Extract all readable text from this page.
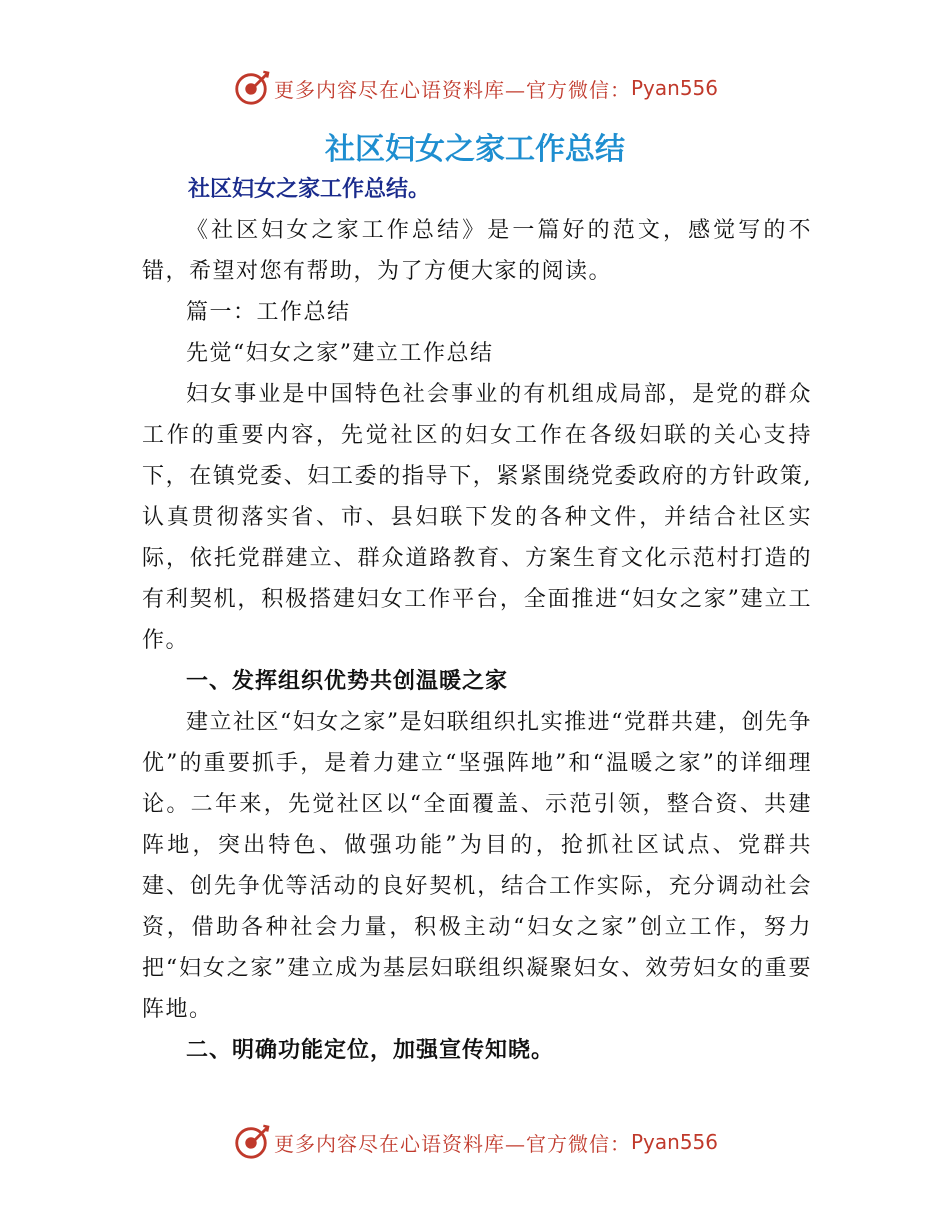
更多内容尽在心语资料库—官方微信： Pyan556
社区妇女之家工作总结
社区妇女之家工作总结。

《社区妇女之家工作总结》是一篇好的范文，感觉写的不错，希望对您有帮助，为了方便大家的阅读。

篇一：工作总结

先觉“妇女之家”建立工作总结

妇女事业是中国特色社会事业的有机组成局部，是党的群众工作的重要内容，先觉社区的妇女工作在各级妇联的关心支持下，在镇党委、妇工委的指导下，紧紧围绕党委政府的方针政策,认真贯彻落实省、市、县妇联下发的各种文件，并结合社区实际，依托党群建立、群众道路教育、方案生育文化示范村打造的有利契机，积极搭建妇女工作平台，全面推进“妇女之家”建立工作。

一、发挥组织优势共创温暖之家

建立社区“妇女之家”是妇联组织扎实推进“党群共建，创先争优”的重要抓手，是着力建立“坚强阵地”和“温暖之家”的详细理论。二年来，先觉社区以“全面覆盖、示范引领，整合资、共建阵地，突出特色、做强功能”为目的，抢抓社区试点、党群共建、创先争优等活动的良好契机，结合工作实际，充分调动社会资，借助各种社会力量，积极主动“妇女之家”创立工作，努力把“妇女之家”建立成为基层妇联组织凝聚妇女、效劳妇女的重要阵地。

二、明确功能定位，加强宣传知晓。

更多内容尽在心语资料库—官方微信： Pyan556
